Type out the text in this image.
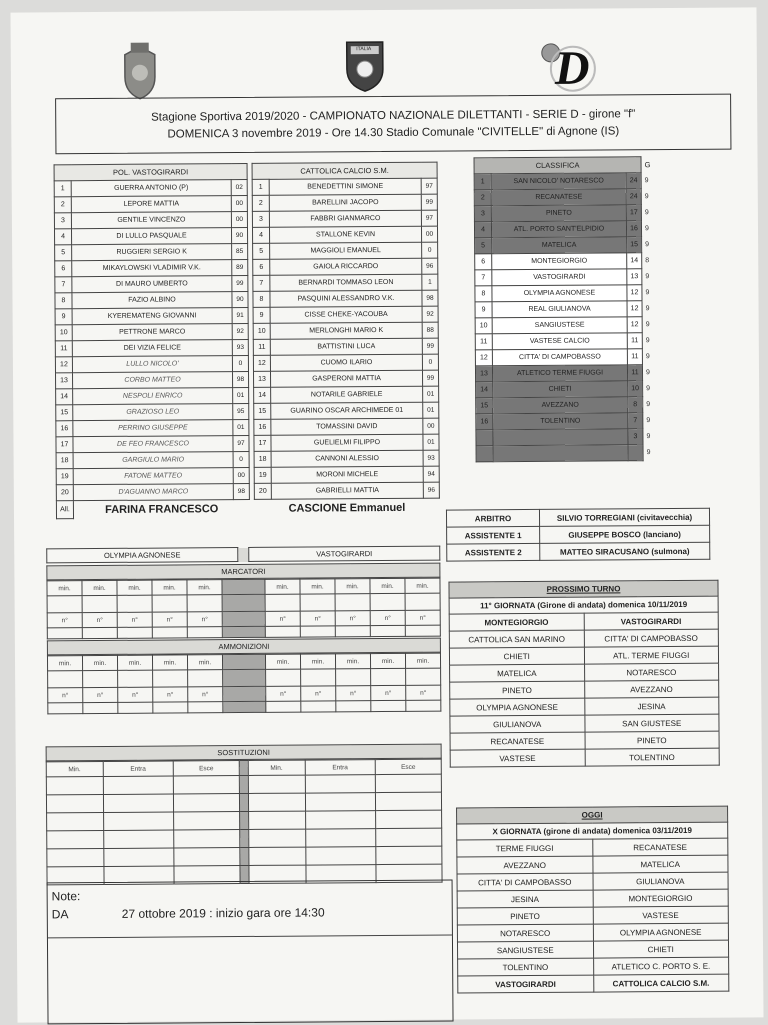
ITALIA	D
Stagione Sportiva 2019/2020 - CAMPIONATO NAZIONALE DILETTANTI - SERIE D - girone "f"
DOMENICA 3 novembre 2019 - Ore 14.30 Stadio Comunale "CIVITELLE" di Agnone (IS)
POL. VASTOGIRARDI		
1	GUERRA ANTONIO (P)	02
2	LEPORE MATTIA	00
3	GENTILE VINCENZO	00
4	DI LULLO PASQUALE	90
5	RUGGIERI SERGIO K	85
6	MIKAYLOWSKI VLADIMIR V.K.	89
7	DI MAURO UMBERTO	99
8	FAZIO ALBINO	90
9	KYEREMATENG GIOVANNI	91
10	PETTRONE MARCO	92
11	DEI VIZIA FELICE	93
12	LULLO NICOLO'	0
13	CORBO MATTEO	98
14	NESPOLI ENRICO	01
15	GRAZIOSO LEO	95
16	PERRINO GIUSEPPE	01
17	DE FEO FRANCESCO	97
18	GARGIULO MARIO	0
19	FATONE MATTEO	00
20	D'AGUANNO MARCO	98
All.	FARINA FRANCESCO	
CATTOLICA CALCIO S.M.		
1	BENEDETTINI SIMONE	97
2	BARELLINI JACOPO	99
3	FABBRI GIANMARCO	97
4	STALLONE KEVIN	00
5	MAGGIOLI EMANUEL	0
6	GAIOLA RICCARDO	96
7	BERNARDI TOMMASO LEON	1
8	PASQUINI ALESSANDRO V.K.	98
9	CISSE CHEKE-YACOUBA	92
10	MERLONGHI MARIO K	88
11	BATTISTINI LUCA	99
12	CUOMO ILARIO	0
13	GASPERONI MATTIA	99
14	NOTARILE GABRIELE	01
15	GUARINO OSCAR ARCHIMEDE 01	01
16	TOMASSINI DAVID	00
17	GUELIELMI FILIPPO	01
18	CANNONI ALESSIO	93
19	MORONI MICHELE	94
20	GABRIELLI MATTIA	96
CASCIONE Emmanuel		
CLASSIFICA			G
1	SAN NICOLO' NOTARESCO	24	9
2	RECANATESE	24	9
3	PINETO	17	9
4	ATL. PORTO SANT'ELPIDIO	16	9
5	MATELICA	15	9
6	MONTEGIORGIO	14	8
7	VASTOGIRARDI	13	9
8	OLYMPIA AGNONESE	12	9
9	REAL GIULIANOVA	12	9
10	SANGIUSTESE	12	9
11	VASTESE CALCIO	11	9
12	CITTA' DI CAMPOBASSO	11	9
13	ATLETICO TERME FIUGGI	11	9
14	CHIETI	10	9
15	AVEZZANO	8	9
16	TOLENTINO	7	9
		3	9
			9
ARBITRO	SILVIO TORREGIANI (civitavecchia)
ASSISTENTE 1	GIUSEPPE BOSCO (lanciano)
ASSISTENTE 2	MATTEO SIRACUSANO (sulmona)
OLYMPIA AGNONESE		VASTOGIRARDI
MARCATORI
min.	min.	min.	min.	min.		min.	min.	min.	min.	min.

n°	n°	n°	n°	n°		n°	n°	n°	n°	n°

AMMONIZIONI
min.	min.	min.	min.	min.		min.	min.	min.	min.	min.

n°	n°	n°	n°	n°		n°	n°	n°	n°	n°

SOSTITUZIONI
Min.	Entra	Esce		Min.	Entra	Esce

PROSSIMO TURNO	
11° GIORNATA (Girone di andata) domenica 10/11/2019	
MONTEGIORGIO	VASTOGIRARDI
CATTOLICA SAN MARINO	CITTA' DI CAMPOBASSO
CHIETI	ATL. TERME FIUGGI
MATELICA	NOTARESCO
PINETO	AVEZZANO
OLYMPIA AGNONESE	JESINA
GIULIANOVA	SAN GIUSTESE
RECANATESE	PINETO
VASTESE	TOLENTINO
OGGI	
X GIORNATA (girone di andata) domenica 03/11/2019	
TERME FIUGGI	RECANATESE
AVEZZANO	MATELICA
CITTA' DI CAMPOBASSO	GIULIANOVA
JESINA	MONTEGIORGIO
PINETO	VASTESE
NOTARESCO	OLYMPIA AGNONESE
SANGIUSTESE	CHIETI
TOLENTINO	ATLETICO C. PORTO S. E.
VASTOGIRARDI	CATTOLICA CALCIO S.M.
Note:
DA	27 ottobre 2019 : inizio gara ore 14:30
